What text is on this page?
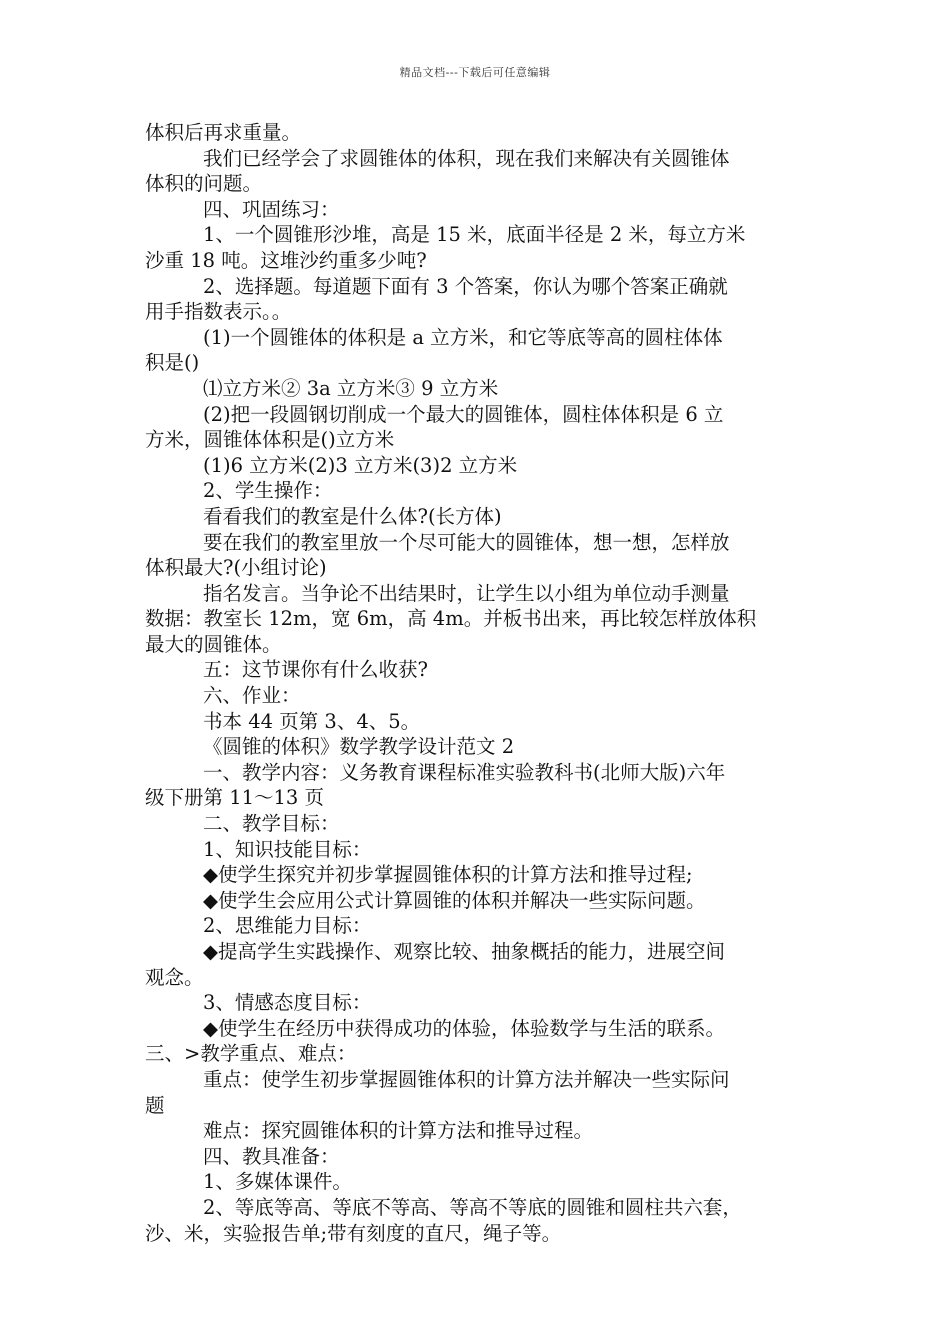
精品文档---下载后可任意编辑
体积后再求重量。
我们已经学会了求圆锥体的体积，现在我们来解决有关圆锥体
体积的问题。
四、巩固练习：
1、一个圆锥形沙堆，高是 15 米，底面半径是 2 米，每立方米
沙重 18 吨。这堆沙约重多少吨?
2、选择题。每道题下面有 3 个答案，你认为哪个答案正确就
用手指数表示。。
(1)一个圆锥体的体积是 a 立方米，和它等底等高的圆柱体体
积是()
⑴立方米② 3a 立方米③ 9 立方米
(2)把一段圆钢切削成一个最大的圆锥体，圆柱体体积是 6 立
方米，圆锥体体积是()立方米
(1)6 立方米(2)3 立方米(3)2 立方米
2、学生操作：
看看我们的教室是什么体?(长方体)
要在我们的教室里放一个尽可能大的圆锥体，想一想，怎样放
体积最大?(小组讨论)
指名发言。当争论不出结果时，让学生以小组为单位动手测量
数据：教室长 12m，宽 6m，高 4m。并板书出来，再比较怎样放体积
最大的圆锥体。
五：这节课你有什么收获?
六、作业：
书本 44 页第 3、4、5。
《圆锥的体积》数学教学设计范文 2
一、教学内容：义务教育课程标准实验教科书(北师大版)六年
级下册第 11～13 页
二、教学目标：
1、知识技能目标：
◆使学生探究并初步掌握圆锥体积的计算方法和推导过程;
◆使学生会应用公式计算圆锥的体积并解决一些实际问题。
2、思维能力目标：
◆提高学生实践操作、观察比较、抽象概括的能力，进展空间
观念。
3、情感态度目标：
◆使学生在经历中获得成功的体验，体验数学与生活的联系。
三、>教学重点、难点：
重点：使学生初步掌握圆锥体积的计算方法并解决一些实际问
题
难点：探究圆锥体积的计算方法和推导过程。
四、教具准备：
1、多媒体课件。
2、等底等高、等底不等高、等高不等底的圆锥和圆柱共六套，
沙、米，实验报告单;带有刻度的直尺，绳子等。
